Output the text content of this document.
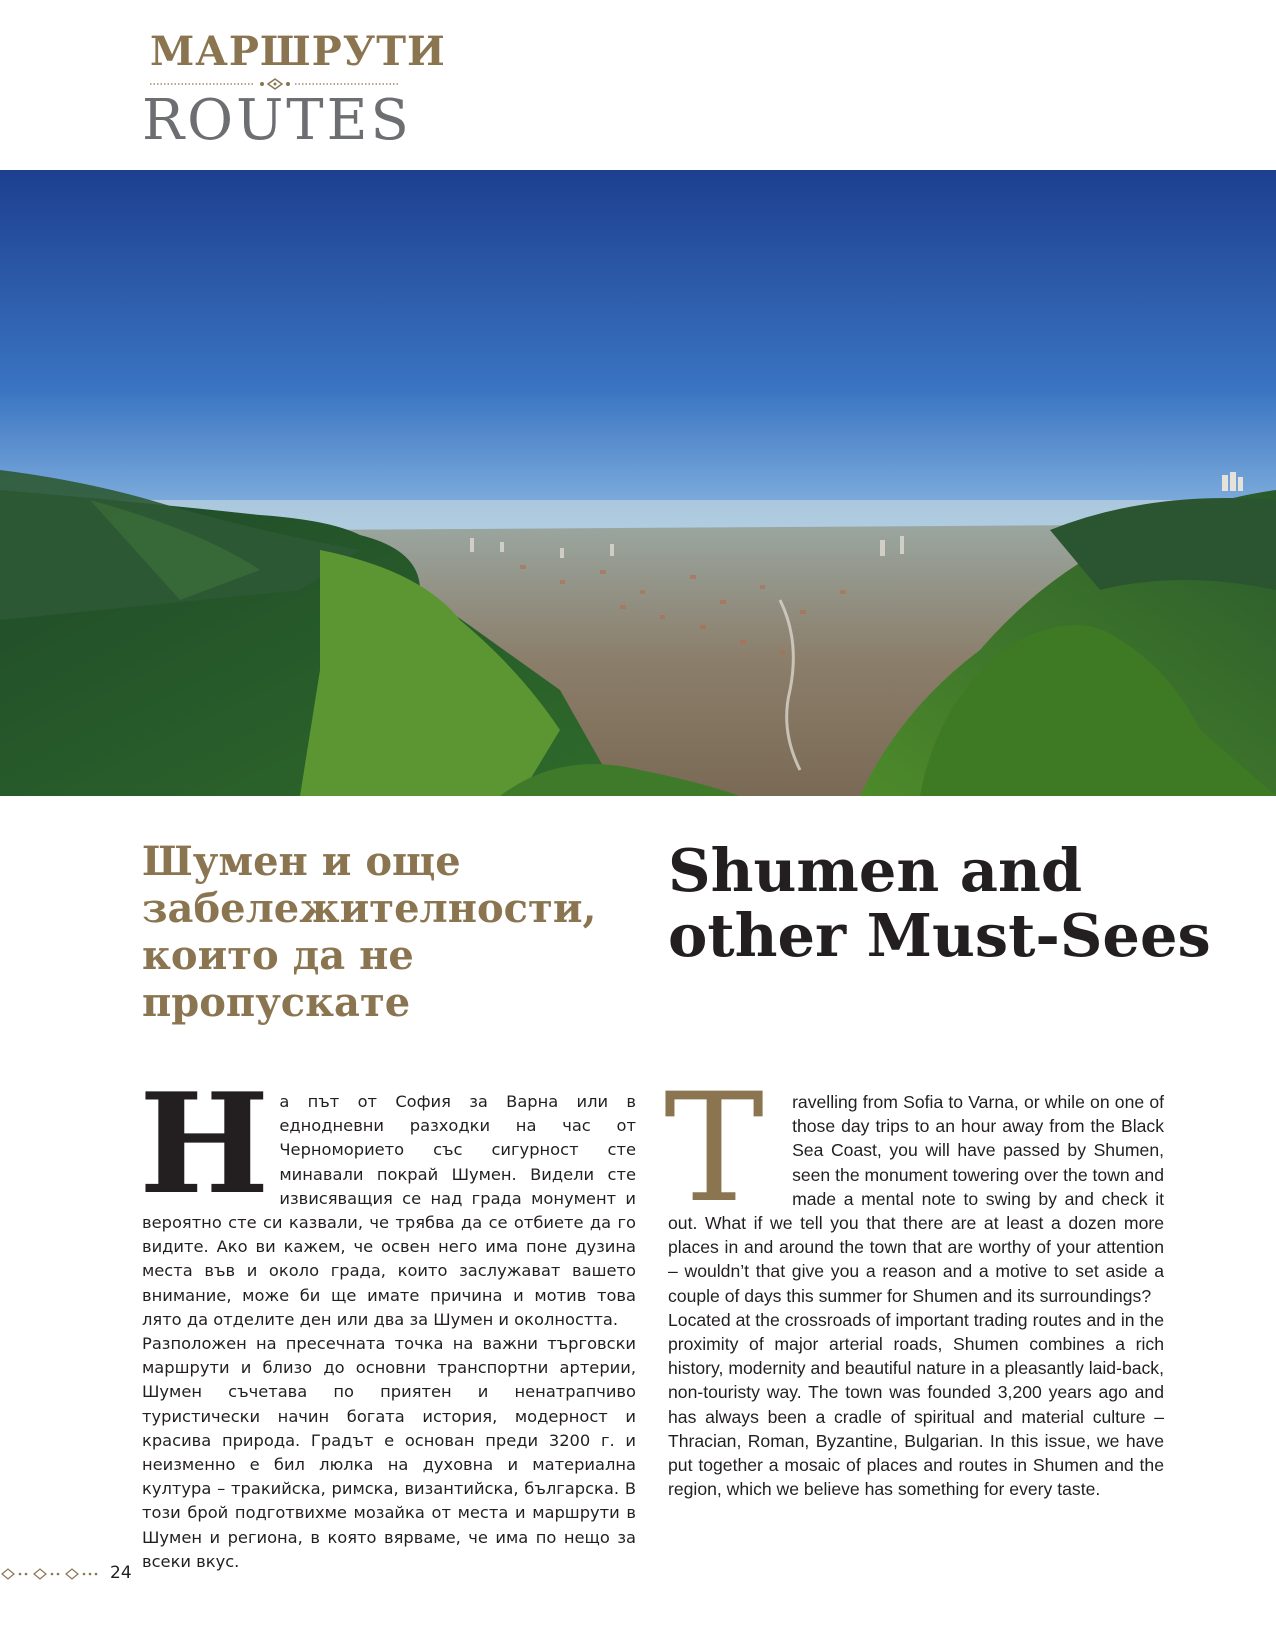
МАРШРУТИ
ROUTES
Шумен и още забележителности, които да не пропускате
Shumen and other Must-Sees
Н а път от София за Варна или в еднодневни разходки на час от Черноморието със сигурност сте минавали покрай Шумен. Видели сте извисяващия се над града монумент и вероятно сте си казвали, че трябва да се отбиете да го видите. Ако ви кажем, че освен него има поне дузина места във и около града, които заслужават вашето внимание, може би ще имате причина и мотив това лято да отделите ден или два за Шумен и околността.

Разположен на пресечната точка на важни търговски маршрути и близо до основни транспортни артерии, Шумен съчетава по приятен и ненатрапчиво туристически начин богата история, модерност и красива природа. Градът е основан преди 3200 г. и неизменно е бил люлка на духовна и материална култура – тракийска, римска, византийска, българска. В този брой подготвихме мозайка от места и маршрути в Шумен и региона, в която вярваме, че има по нещо за всеки вкус.

T	ravelling from Sofia to Varna, or while on one of those day trips to an hour away from the Black Sea Coast, you will have passed by Shumen, seen the monument towering over the town and made a mental note to swing by and check it out. What if we tell you that there are at least a dozen more places in and around the town that are worthy of your attention – wouldn’t that give you a reason and a motive to set aside a couple of days this summer for Shumen and its surroundings?

Located at the crossroads of important trading routes and in the proximity of major arterial roads, Shumen combines a rich history, modernity and beautiful nature in a pleasantly laid-back, non-touristy way. The town was founded 3,200 years ago and has always been a cradle of spiritual and material culture – Thracian, Roman, Byzantine, Bulgarian. In this issue, we have put together a mosaic of places and routes in Shumen and the region, which we believe has something for every taste.

24
